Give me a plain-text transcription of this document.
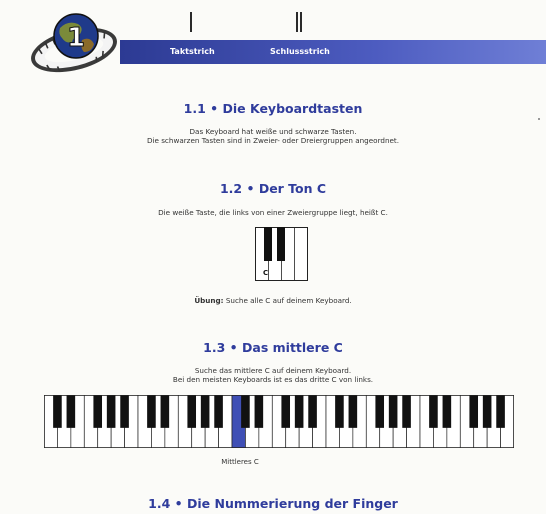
1	Taktstrich	Schlussstrich
1.1 • Die Keyboardtasten
Das Keyboard hat weiße und schwarze Tasten.
Die schwarzen Tasten sind in Zweier- oder Dreiergruppen angeordnet.
1.2 • Der Ton C
Die weiße Taste, die links von einer Zweiergruppe liegt, heißt C.
C
Übung: Suche alle C auf deinem Keyboard.
1.3 • Das mittlere C
Suche das mittlere C auf deinem Keyboard.
Bei den meisten Keyboards ist es das dritte C von links.
Mittleres C
1.4 • Die Nummerierung der Finger
